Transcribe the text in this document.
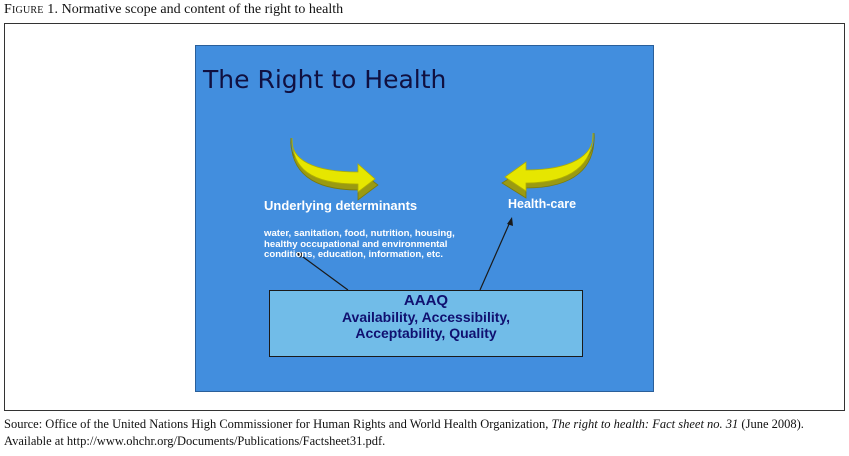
Figure 1. Normative scope and content of the right to health
The Right to Health
Underlying determinants	Health-care
water, sanitation, food, nutrition, housing, healthy occupational and environmental conditions, education, information, etc.
AAAQ
Availability, Accessibility,
Acceptability, Quality
Source: Office of the United Nations High Commissioner for Human Rights and World Health Organization, The right to health: Fact sheet no. 31 (June 2008). Available at http://www.ohchr.org/Documents/Publications/Factsheet31.pdf.
